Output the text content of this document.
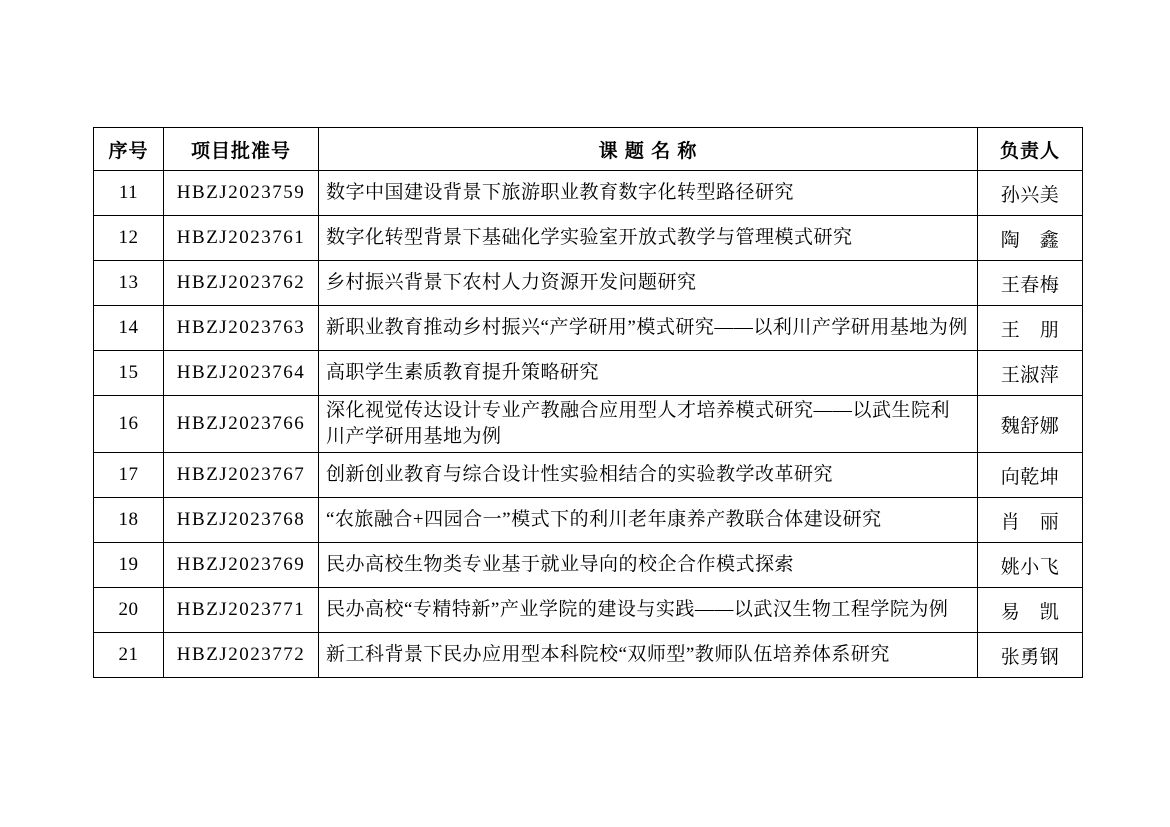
序号	项目批准号	课 题 名 称	负责人
11	HBZJ2023759	数字中国建设背景下旅游职业教育数字化转型路径研究	孙兴美
12	HBZJ2023761	数字化转型背景下基础化学实验室开放式教学与管理模式研究	陶　鑫
13	HBZJ2023762	乡村振兴背景下农村人力资源开发问题研究	王春梅
14	HBZJ2023763	新职业教育推动乡村振兴“产学研用”模式研究——以利川产学研用基地为例	王　朋
15	HBZJ2023764	高职学生素质教育提升策略研究	王淑萍
16	HBZJ2023766	深化视觉传达设计专业产教融合应用型人才培养模式研究——以武生院利川产学研用基地为例	魏舒娜
17	HBZJ2023767	创新创业教育与综合设计性实验相结合的实验教学改革研究	向乾坤
18	HBZJ2023768	“农旅融合+四园合一”模式下的利川老年康养产教联合体建设研究	肖　丽
19	HBZJ2023769	民办高校生物类专业基于就业导向的校企合作模式探索	姚小飞
20	HBZJ2023771	民办高校“专精特新”产业学院的建设与实践——以武汉生物工程学院为例	易　凯
21	HBZJ2023772	新工科背景下民办应用型本科院校“双师型”教师队伍培养体系研究	张勇钢
